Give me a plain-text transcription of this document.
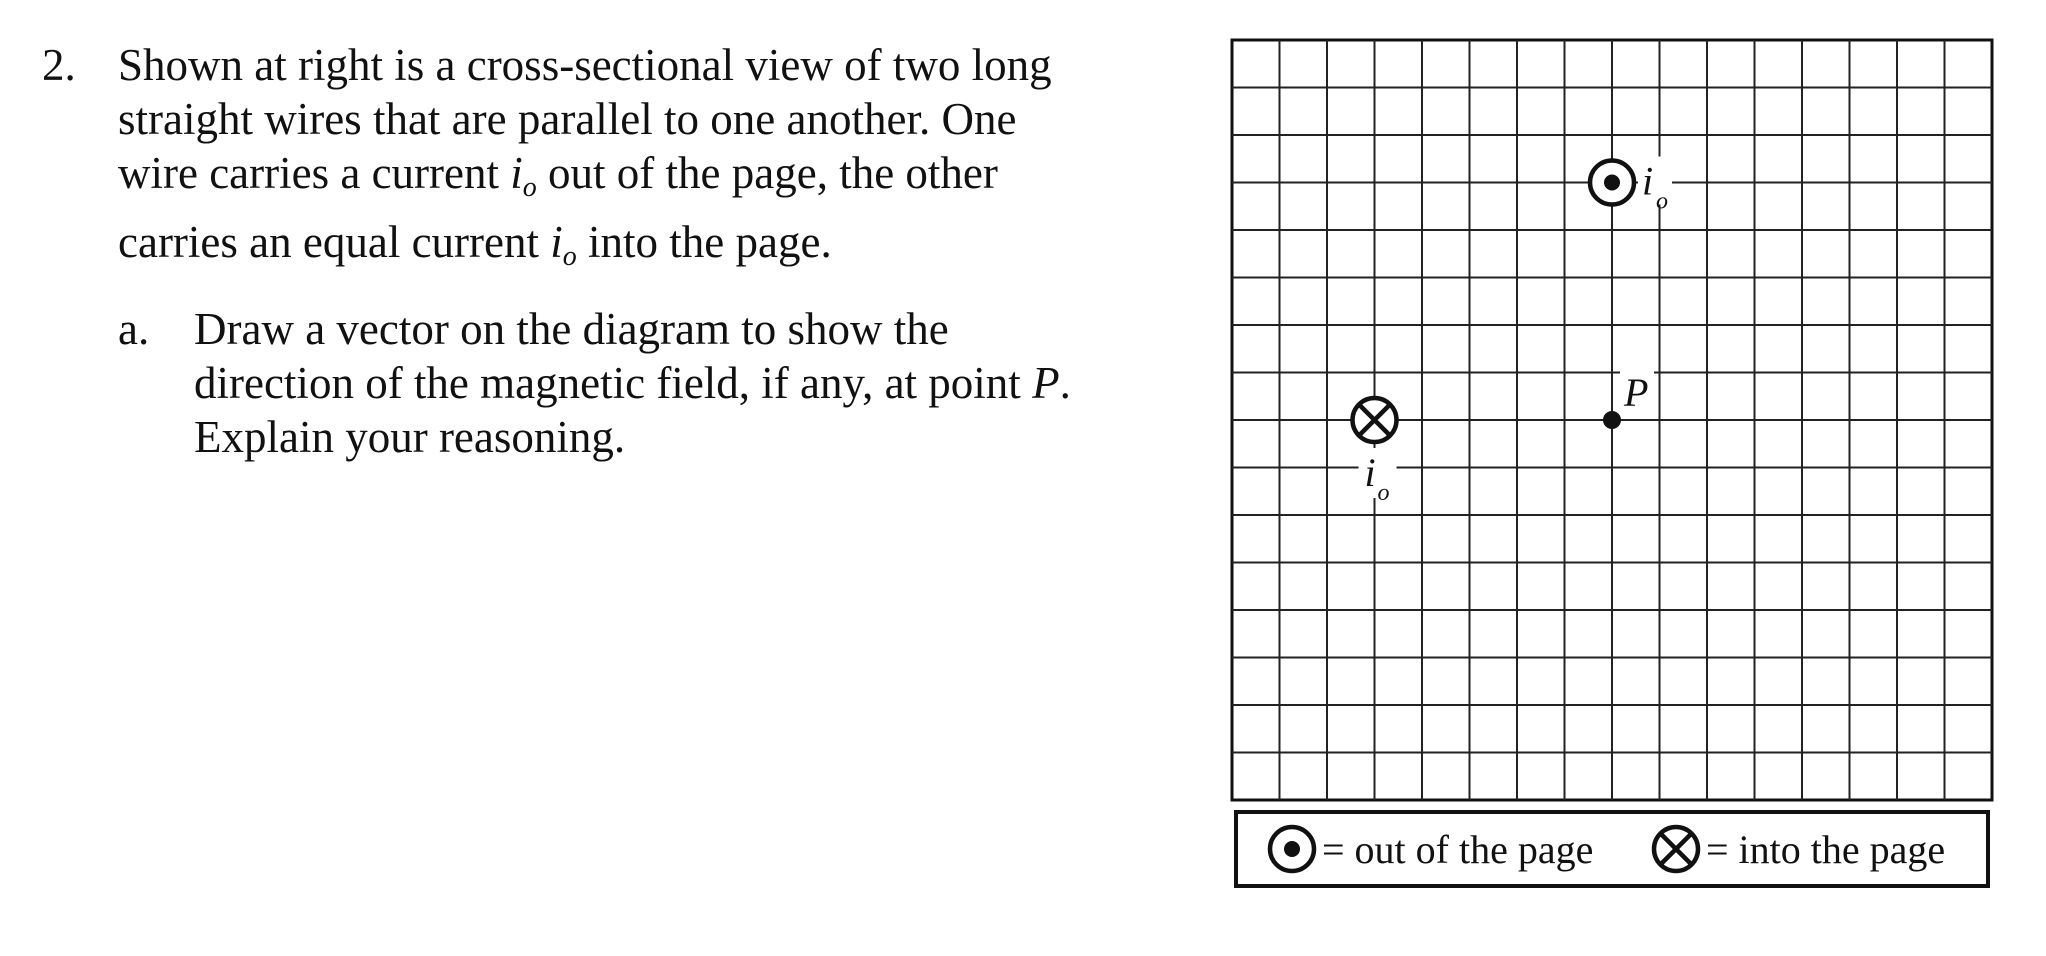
2. Shown at right is a cross-sectional view of two long
straight wires that are parallel to one another. One
wire carries a current $i_o$ out of the page, the other
carries an equal current $i_o$ into the page.
a. Draw a vector on the diagram to show the
direction of the magnetic field, if any, at point P.
Explain your reasoning.
i o
i o
P
= out of the page	= into the page
